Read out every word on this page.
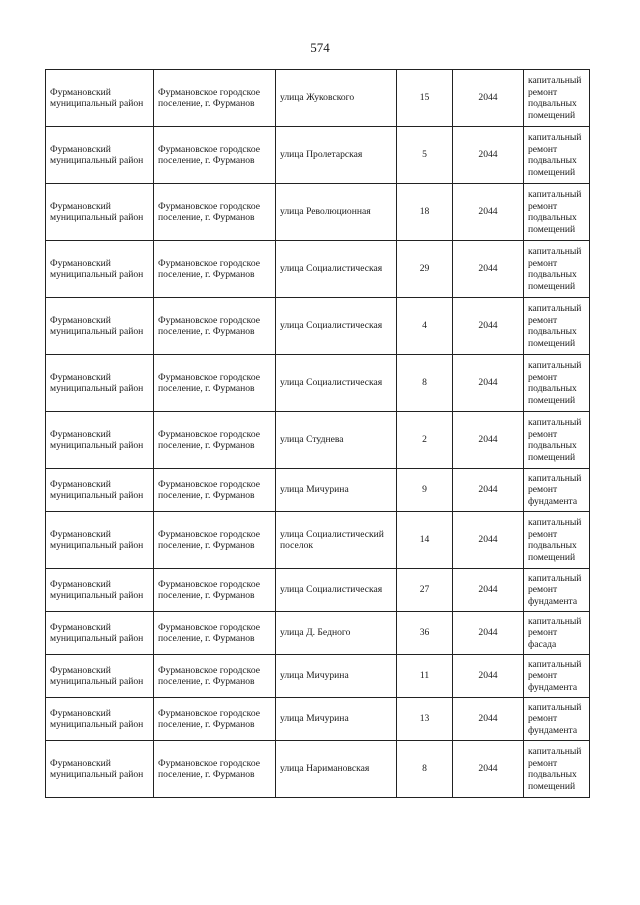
574
Фурмановский муниципальный район	Фурмановское городское поселение, г. Фурманов	улица Жуковского	15	2044	капитальный ремонт подвальных помещений
Фурмановский муниципальный район	Фурмановское городское поселение, г. Фурманов	улица Пролетарская	5	2044	капитальный ремонт подвальных помещений
Фурмановский муниципальный район	Фурмановское городское поселение, г. Фурманов	улица Революционная	18	2044	капитальный ремонт подвальных помещений
Фурмановский муниципальный район	Фурмановское городское поселение, г. Фурманов	улица Социалистическая	29	2044	капитальный ремонт подвальных помещений
Фурмановский муниципальный район	Фурмановское городское поселение, г. Фурманов	улица Социалистическая	4	2044	капитальный ремонт подвальных помещений
Фурмановский муниципальный район	Фурмановское городское поселение, г. Фурманов	улица Социалистическая	8	2044	капитальный ремонт подвальных помещений
Фурмановский муниципальный район	Фурмановское городское поселение, г. Фурманов	улица Студнева	2	2044	капитальный ремонт подвальных помещений
Фурмановский муниципальный район	Фурмановское городское поселение, г. Фурманов	улица Мичурина	9	2044	капитальный ремонт фундамента
Фурмановский муниципальный район	Фурмановское городское поселение, г. Фурманов	улица Социалистический поселок	14	2044	капитальный ремонт подвальных помещений
Фурмановский муниципальный район	Фурмановское городское поселение, г. Фурманов	улица Социалистическая	27	2044	капитальный ремонт фундамента
Фурмановский муниципальный район	Фурмановское городское поселение, г. Фурманов	улица Д. Бедного	36	2044	капитальный ремонт фасада
Фурмановский муниципальный район	Фурмановское городское поселение, г. Фурманов	улица Мичурина	11	2044	капитальный ремонт фундамента
Фурмановский муниципальный район	Фурмановское городское поселение, г. Фурманов	улица Мичурина	13	2044	капитальный ремонт фундамента
Фурмановский муниципальный район	Фурмановское городское поселение, г. Фурманов	улица Наримановская	8	2044	капитальный ремонт подвальных помещений
